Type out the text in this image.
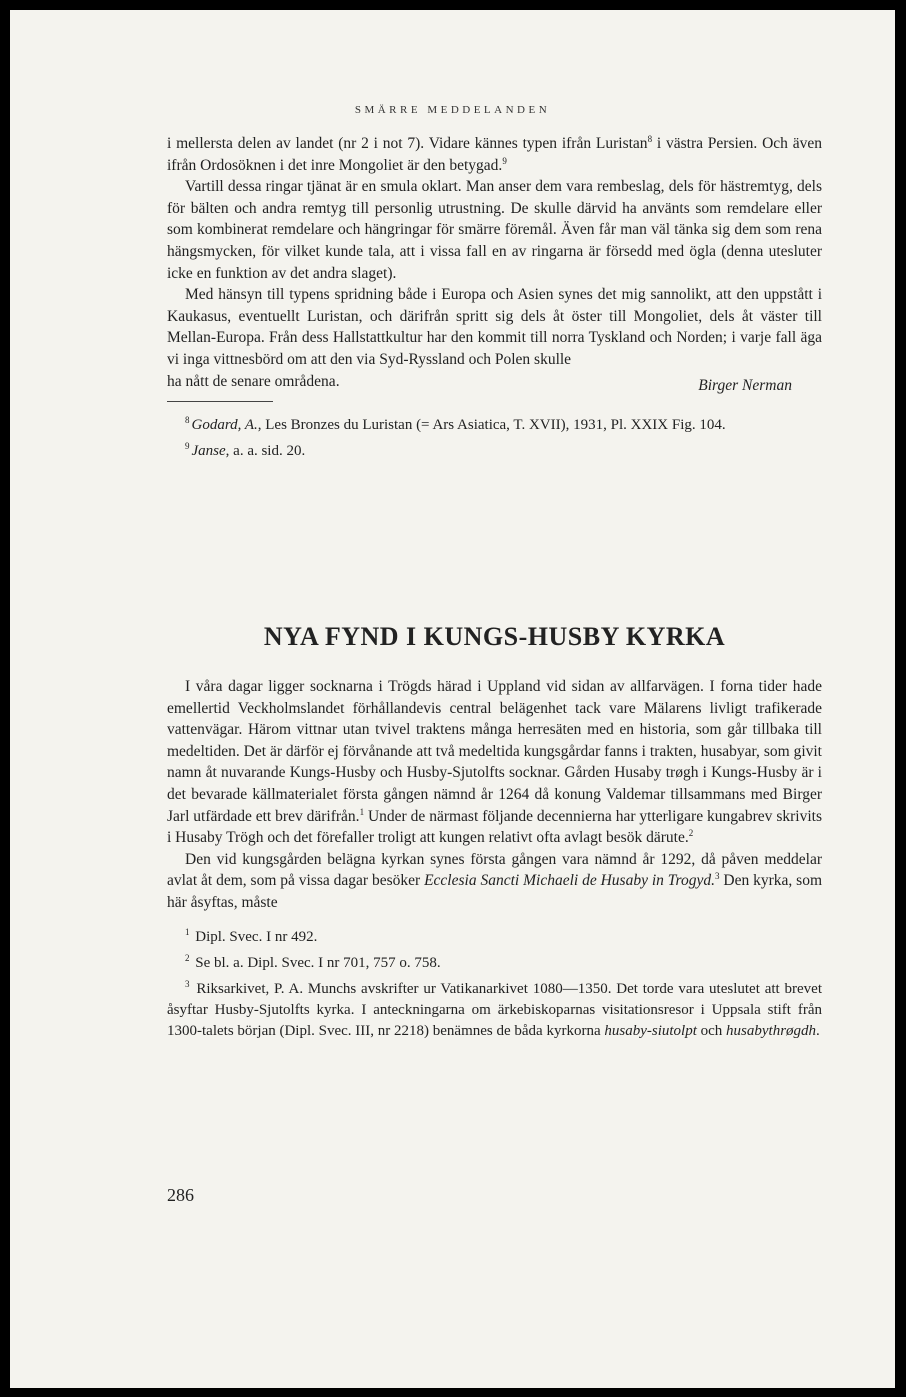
SMÄRRE MEDDELANDEN

i mellersta delen av landet (nr 2 i not 7). Vidare kännes typen ifrån Luristan$^8$ i västra Persien. Och även ifrån Ordosöknen i det inre Mongoliet är den betygad.$^9$

Vartill dessa ringar tjänat är en smula oklart. Man anser dem vara rembeslag, dels för hästremtyg, dels för bälten och andra remtyg till personlig utrustning. De skulle därvid ha använts som remdelare eller som kombinerat remdelare och hängringar för smärre föremål. Även får man väl tänka sig dem som rena hängsmycken, för vilket kunde tala, att i vissa fall en av ringarna är försedd med ögla (denna utesluter icke en funktion av det andra slaget).

Med hänsyn till typens spridning både i Europa och Asien synes det mig sannolikt, att den uppstått i Kaukasus, eventuellt Luristan, och därifrån spritt sig dels åt öster till Mongoliet, dels åt väster till Mellan-Europa. Från dess Hallstattkultur har den kommit till norra Tyskland och Norden; i varje fall äga vi inga vittnesbörd om att den via Syd-Ryssland och Polen skulle

ha nått de senare områdena.	Birger Nerman

$^8$ Godard, A., Les Bronzes du Luristan (= Ars Asiatica, T. XVII), 1931, Pl. XXIX Fig. 104.

$^9$ Janse, a. a. sid. 20.

NYA FYND I KUNGS-HUSBY KYRKA

I våra dagar ligger socknarna i Trögds härad i Uppland vid sidan av allfarvägen. I forna tider hade emellertid Veckholmslandet förhållandevis central belägenhet tack vare Mälarens livligt trafikerade vattenvägar. Härom vittnar utan tvivel traktens många herresäten med en historia, som går tillbaka till medeltiden. Det är därför ej förvånande att två medeltida kungsgårdar fanns i trakten, husabyar, som givit namn åt nuvarande Kungs-Husby och Husby-Sjutolfts socknar. Gården Husaby trøgh i Kungs-Husby är i det bevarade källmaterialet första gången nämnd år 1264 då konung Valdemar tillsammans med Birger Jarl utfärdade ett brev därifrån.$^1$ Under de närmast följande decennierna har ytterligare kungabrev skrivits i Husaby Trögh och det förefaller troligt att kungen relativt ofta avlagt besök därute.$^2$

Den vid kungsgården belägna kyrkan synes första gången vara nämnd år 1292, då påven meddelar avlat åt dem, som på vissa dagar besöker Ecclesia Sancti Michaeli de Husaby in Trogyd.$^3$ Den kyrka, som här åsyftas, måste

$^1$ Dipl. Svec. I nr 492.

$^2$ Se bl. a. Dipl. Svec. I nr 701, 757 o. 758.

$^3$ Riksarkivet, P. A. Munchs avskrifter ur Vatikanarkivet 1080—1350. Det torde vara uteslutet att brevet åsyftar Husby-Sjutolfts kyrka. I anteckningarna om ärkebiskoparnas visitationsresor i Uppsala stift från 1300-talets början (Dipl. Svec. III, nr 2218) benämnes de båda kyrkorna husaby-siutolpt och husabythrøgdh.

286
